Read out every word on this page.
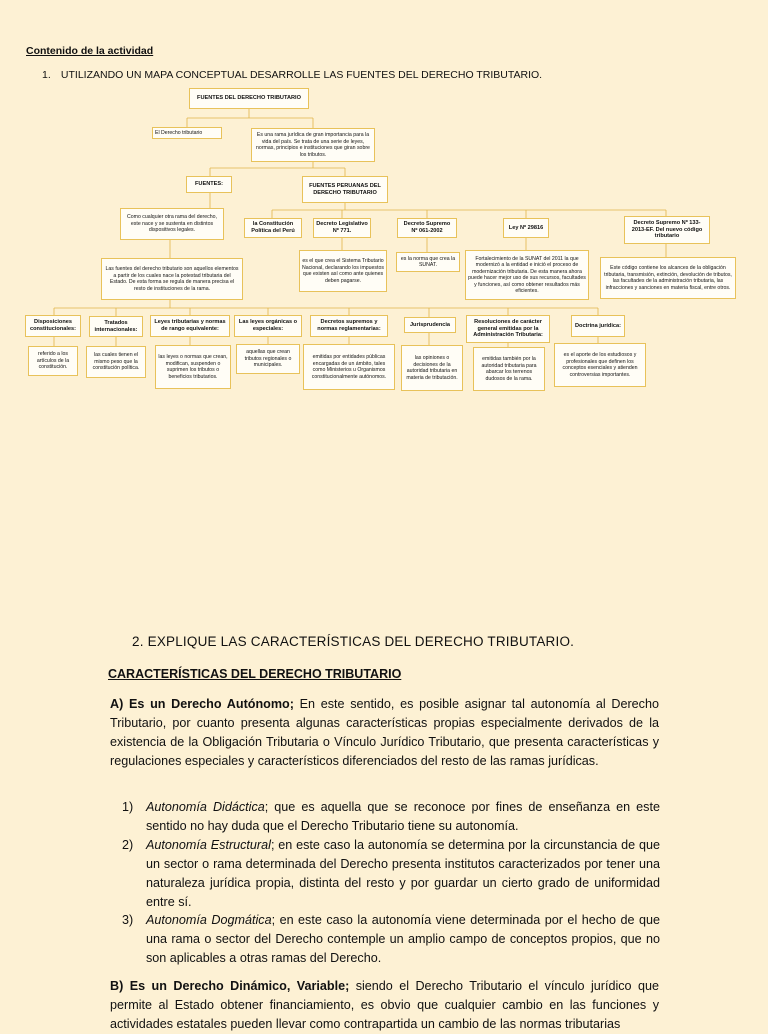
Contenido de la actividad
1. UTILIZANDO UN MAPA CONCEPTUAL DESARROLLE LAS FUENTES DEL DERECHO TRIBUTARIO.
FUENTES DEL DERECHO TRIBUTARIO
El Derecho tributario	Es una rama jurídica de gran importancia para la vida del país. Se trata de una serie de leyes, normas, principios e instituciones que giran sobre los tributos.
FUENTES:	FUENTES PERUANAS DEL DERECHO TRIBUTARIO
Como cualquier otra rama del derecho, este nace y se sustenta en distintos dispositivos legales.
la Constitución Política del Perú
Decreto Legislativo Nº 771.
Decreto Supremo Nº 061-2002
Ley Nº 29816
Decreto Supremo Nº 133-2013-EF. Del nuevo código tributario
es el que crea el Sistema Tributario Nacional, declarando los impuestos que existen así como ante quienes deben pagarse.
es la norma que crea la SUNAT.
Fortalecimiento de la SUNAT del 2011 la que modernizó a la entidad e inició el proceso de modernización tributaria. De esta manera ahora puede hacer mejor uso de sus recursos, facultades y funciones, así como obtener resultados más eficientes.
Este código contiene los alcances de la obligación tributaria, transmisión, extinción, devolución de tributos, las facultades de la administración tributaria, las infracciones y sanciones en materia fiscal, entre otros.
Las fuentes del derecho tributario son aquellos elementos a partir de los cuales nace la potestad tributaria del Estado. De esta forma se regula de manera precisa el resto de instituciones de la rama.
Disposiciones constitucionales:
Tratados internacionales:
Leyes tributarias y normas de rango equivalente:
Las leyes orgánicas o especiales:
Decretos supremos y normas reglamentarias:
Jurisprudencia	Resoluciones de carácter general emitidas por la Administración Tributaria:
Doctrina jurídica:
referido a los artículos de la constitución.
las cuales tienen el mismo peso que la constitución política.
las leyes o normas que crean, modifican, suspenden o suprimen los tributos o beneficios tributarios.
aquellas que crean tributos regionales o municipales.
emitidas por entidades públicas encargadas de un ámbito, tales como Ministerios u Organismos constitucionalmente autónomos.
las opiniones o decisiones de la autoridad tributaria en materia de tributación.
emitidas también por la autoridad tributaria para abarcar los terrenos dudosos de la rama.
es el aporte de los estudiosos y profesionales que definen los conceptos esenciales y atienden controversias importantes.
2. EXPLIQUE LAS CARACTERÍSTICAS DEL DERECHO TRIBUTARIO.
CARACTERÍSTICAS DEL DERECHO TRIBUTARIO
A) Es un Derecho Autónomo; En este sentido, es posible asignar tal autonomía al Derecho Tributario, por cuanto presenta algunas características propias especialmente derivados de la existencia de la Obligación Tributaria o Vínculo Jurídico Tributario, que presenta características y regulaciones especiales y característicos diferenciados del resto de las ramas jurídicas.
1) Autonomía Didáctica; que es aquella que se reconoce por fines de enseñanza en este sentido no hay duda que el Derecho Tributario tiene su autonomía.
2) Autonomía Estructural; en este caso la autonomía se determina por la circunstancia de que un sector o rama determinada del Derecho presenta institutos caracterizados por tener una naturaleza jurídica propia, distinta del resto y por guardar un cierto grado de uniformidad entre sí.
3) Autonomía Dogmática; en este caso la autonomía viene determinada por el hecho de que una rama o sector del Derecho contemple un amplio campo de conceptos propios, que no son aplicables a otras ramas del Derecho.
B) Es un Derecho Dinámico, Variable; siendo el Derecho Tributario el vínculo jurídico que permite al Estado obtener financiamiento, es obvio que cualquier cambio en las funciones y actividades estatales pueden llevar como contrapartida un cambio de las normas tributarias
